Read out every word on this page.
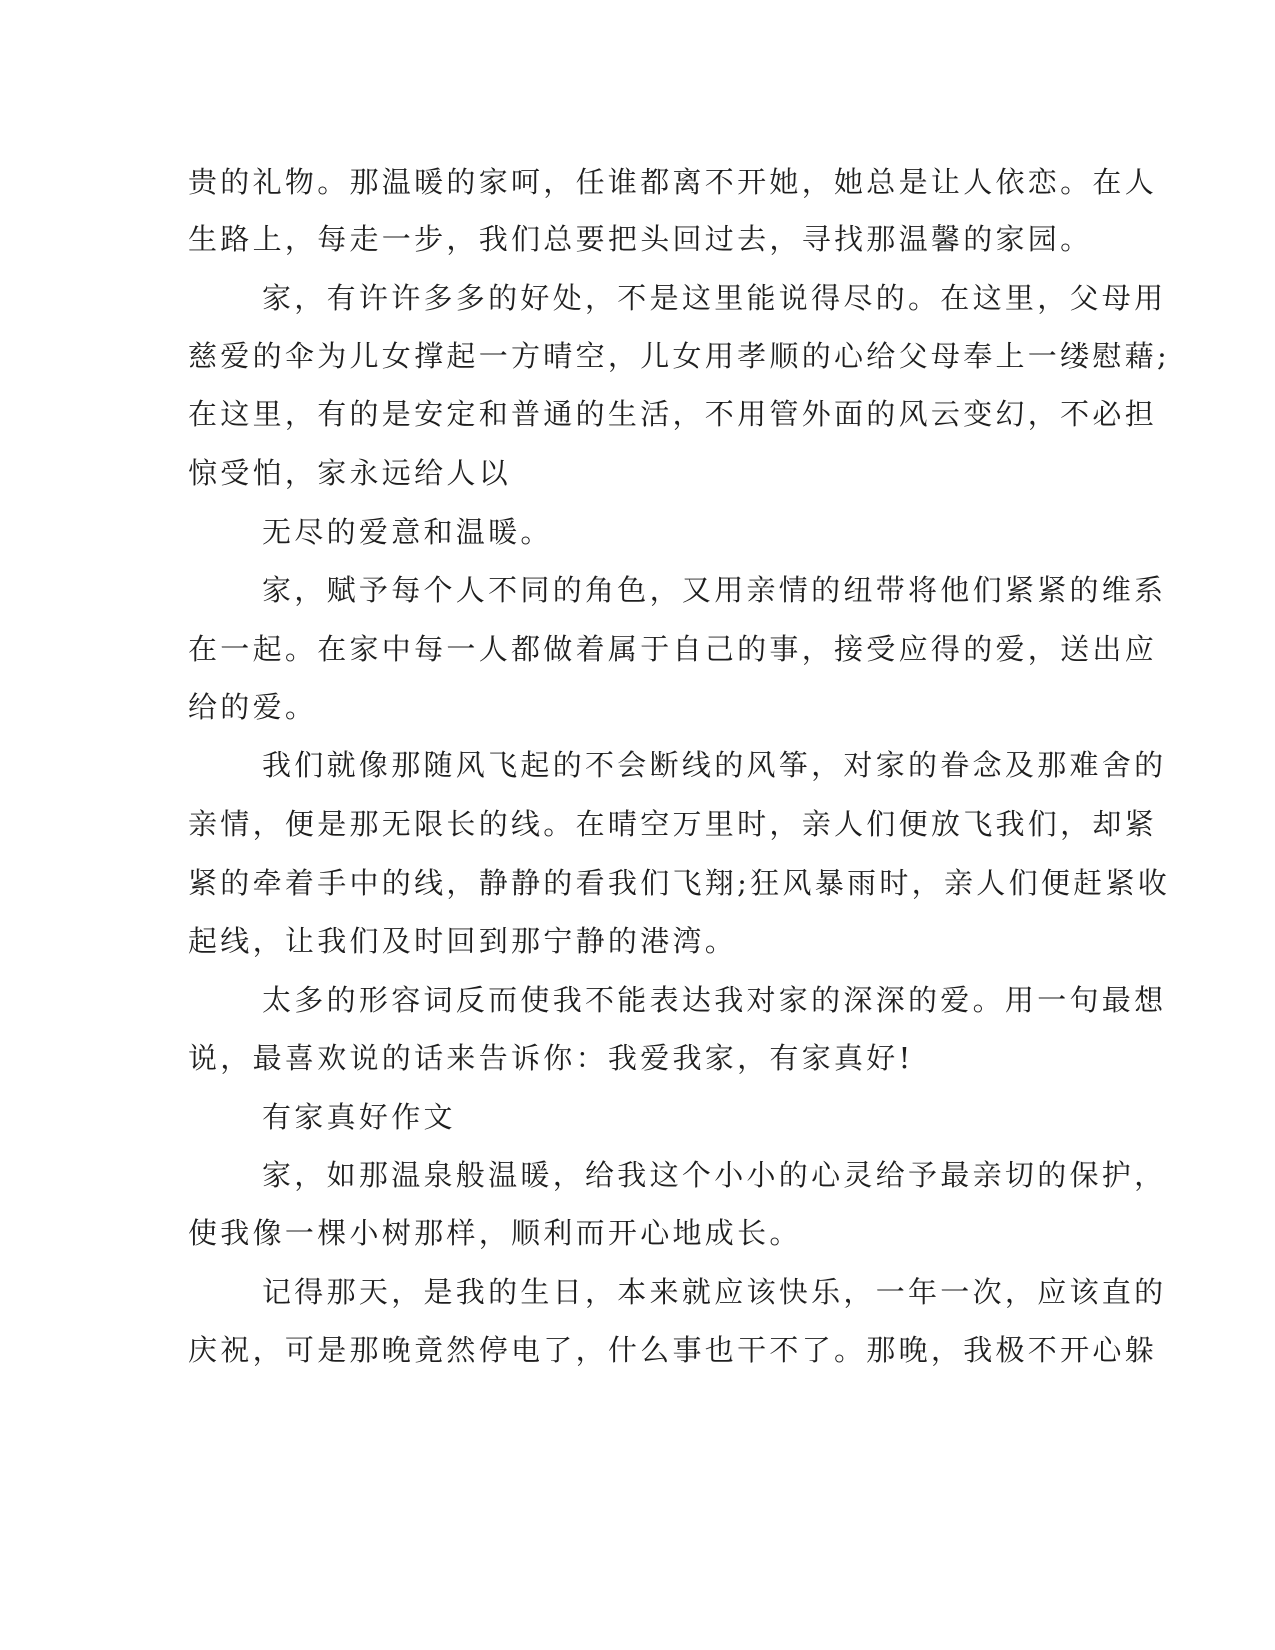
贵的礼物。那温暖的家呵，任谁都离不开她，她总是让人依恋。在人
生路上，每走一步，我们总要把头回过去，寻找那温馨的家园。
家，有许许多多的好处，不是这里能说得尽的。在这里，父母用
慈爱的伞为儿女撑起一方晴空，儿女用孝顺的心给父母奉上一缕慰藉;
在这里，有的是安定和普通的生活，不用管外面的风云变幻，不必担
惊受怕，家永远给人以
无尽的爱意和温暖。
家，赋予每个人不同的角色，又用亲情的纽带将他们紧紧的维系
在一起。在家中每一人都做着属于自己的事，接受应得的爱，送出应
给的爱。
我们就像那随风飞起的不会断线的风筝，对家的眷念及那难舍的
亲情，便是那无限长的线。在晴空万里时，亲人们便放飞我们，却紧
紧的牵着手中的线，静静的看我们飞翔;狂风暴雨时，亲人们便赶紧收
起线，让我们及时回到那宁静的港湾。
太多的形容词反而使我不能表达我对家的深深的爱。用一句最想
说，最喜欢说的话来告诉你：我爱我家，有家真好!
有家真好作文
家，如那温泉般温暖，给我这个小小的心灵给予最亲切的保护，
使我像一棵小树那样，顺利而开心地成长。
记得那天，是我的生日，本来就应该快乐，一年一次，应该直的
庆祝，可是那晚竟然停电了，什么事也干不了。那晚，我极不开心躲
